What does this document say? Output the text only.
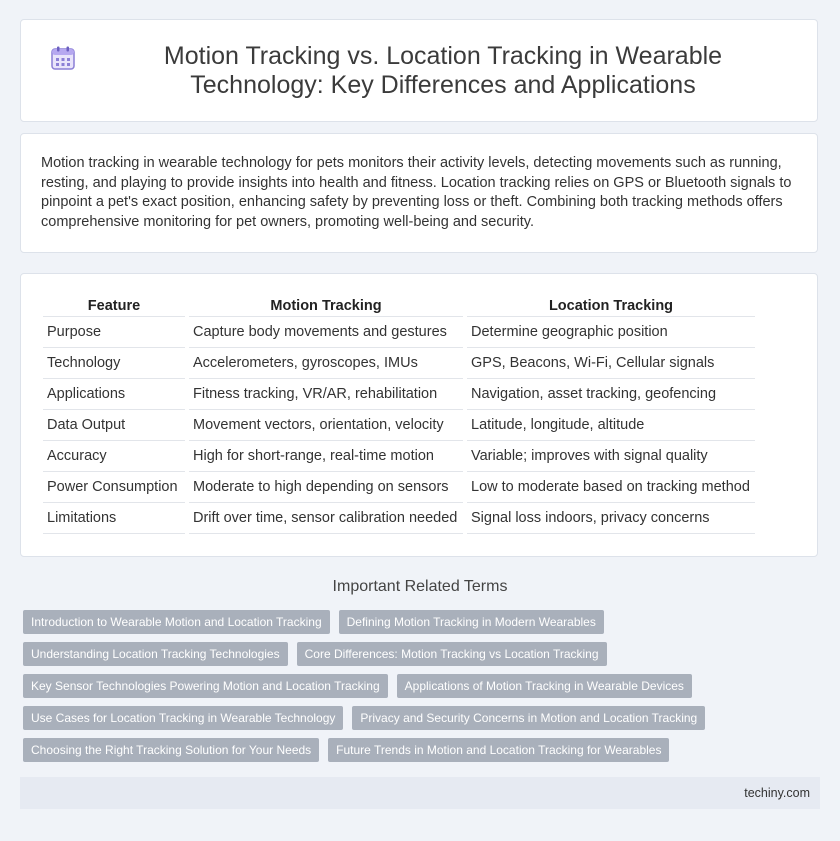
Motion Tracking vs. Location Tracking in Wearable Technology: Key Differences and Applications

Motion tracking in wearable technology for pets monitors their activity levels, detecting movements such as running, resting, and playing to provide insights into health and fitness. Location tracking relies on GPS or Bluetooth signals to pinpoint a pet's exact position, enhancing safety by preventing loss or theft. Combining both tracking methods offers comprehensive monitoring for pet owners, promoting well-being and security.

Feature	Motion Tracking	Location Tracking
Purpose	Capture body movements and gestures	Determine geographic position
Technology	Accelerometers, gyroscopes, IMUs	GPS, Beacons, Wi-Fi, Cellular signals
Applications	Fitness tracking, VR/AR, rehabilitation	Navigation, asset tracking, geofencing
Data Output	Movement vectors, orientation, velocity	Latitude, longitude, altitude
Accuracy	High for short-range, real-time motion	Variable; improves with signal quality
Power Consumption	Moderate to high depending on sensors	Low to moderate based on tracking method
Limitations	Drift over time, sensor calibration needed	Signal loss indoors, privacy concerns
Important Related Terms
Introduction to Wearable Motion and Location Tracking	Defining Motion Tracking in Modern Wearables
Understanding Location Tracking Technologies	Core Differences: Motion Tracking vs Location Tracking
Key Sensor Technologies Powering Motion and Location Tracking	Applications of Motion Tracking in Wearable Devices
Use Cases for Location Tracking in Wearable Technology	Privacy and Security Concerns in Motion and Location Tracking
Choosing the Right Tracking Solution for Your Needs	Future Trends in Motion and Location Tracking for Wearables
techiny.com
